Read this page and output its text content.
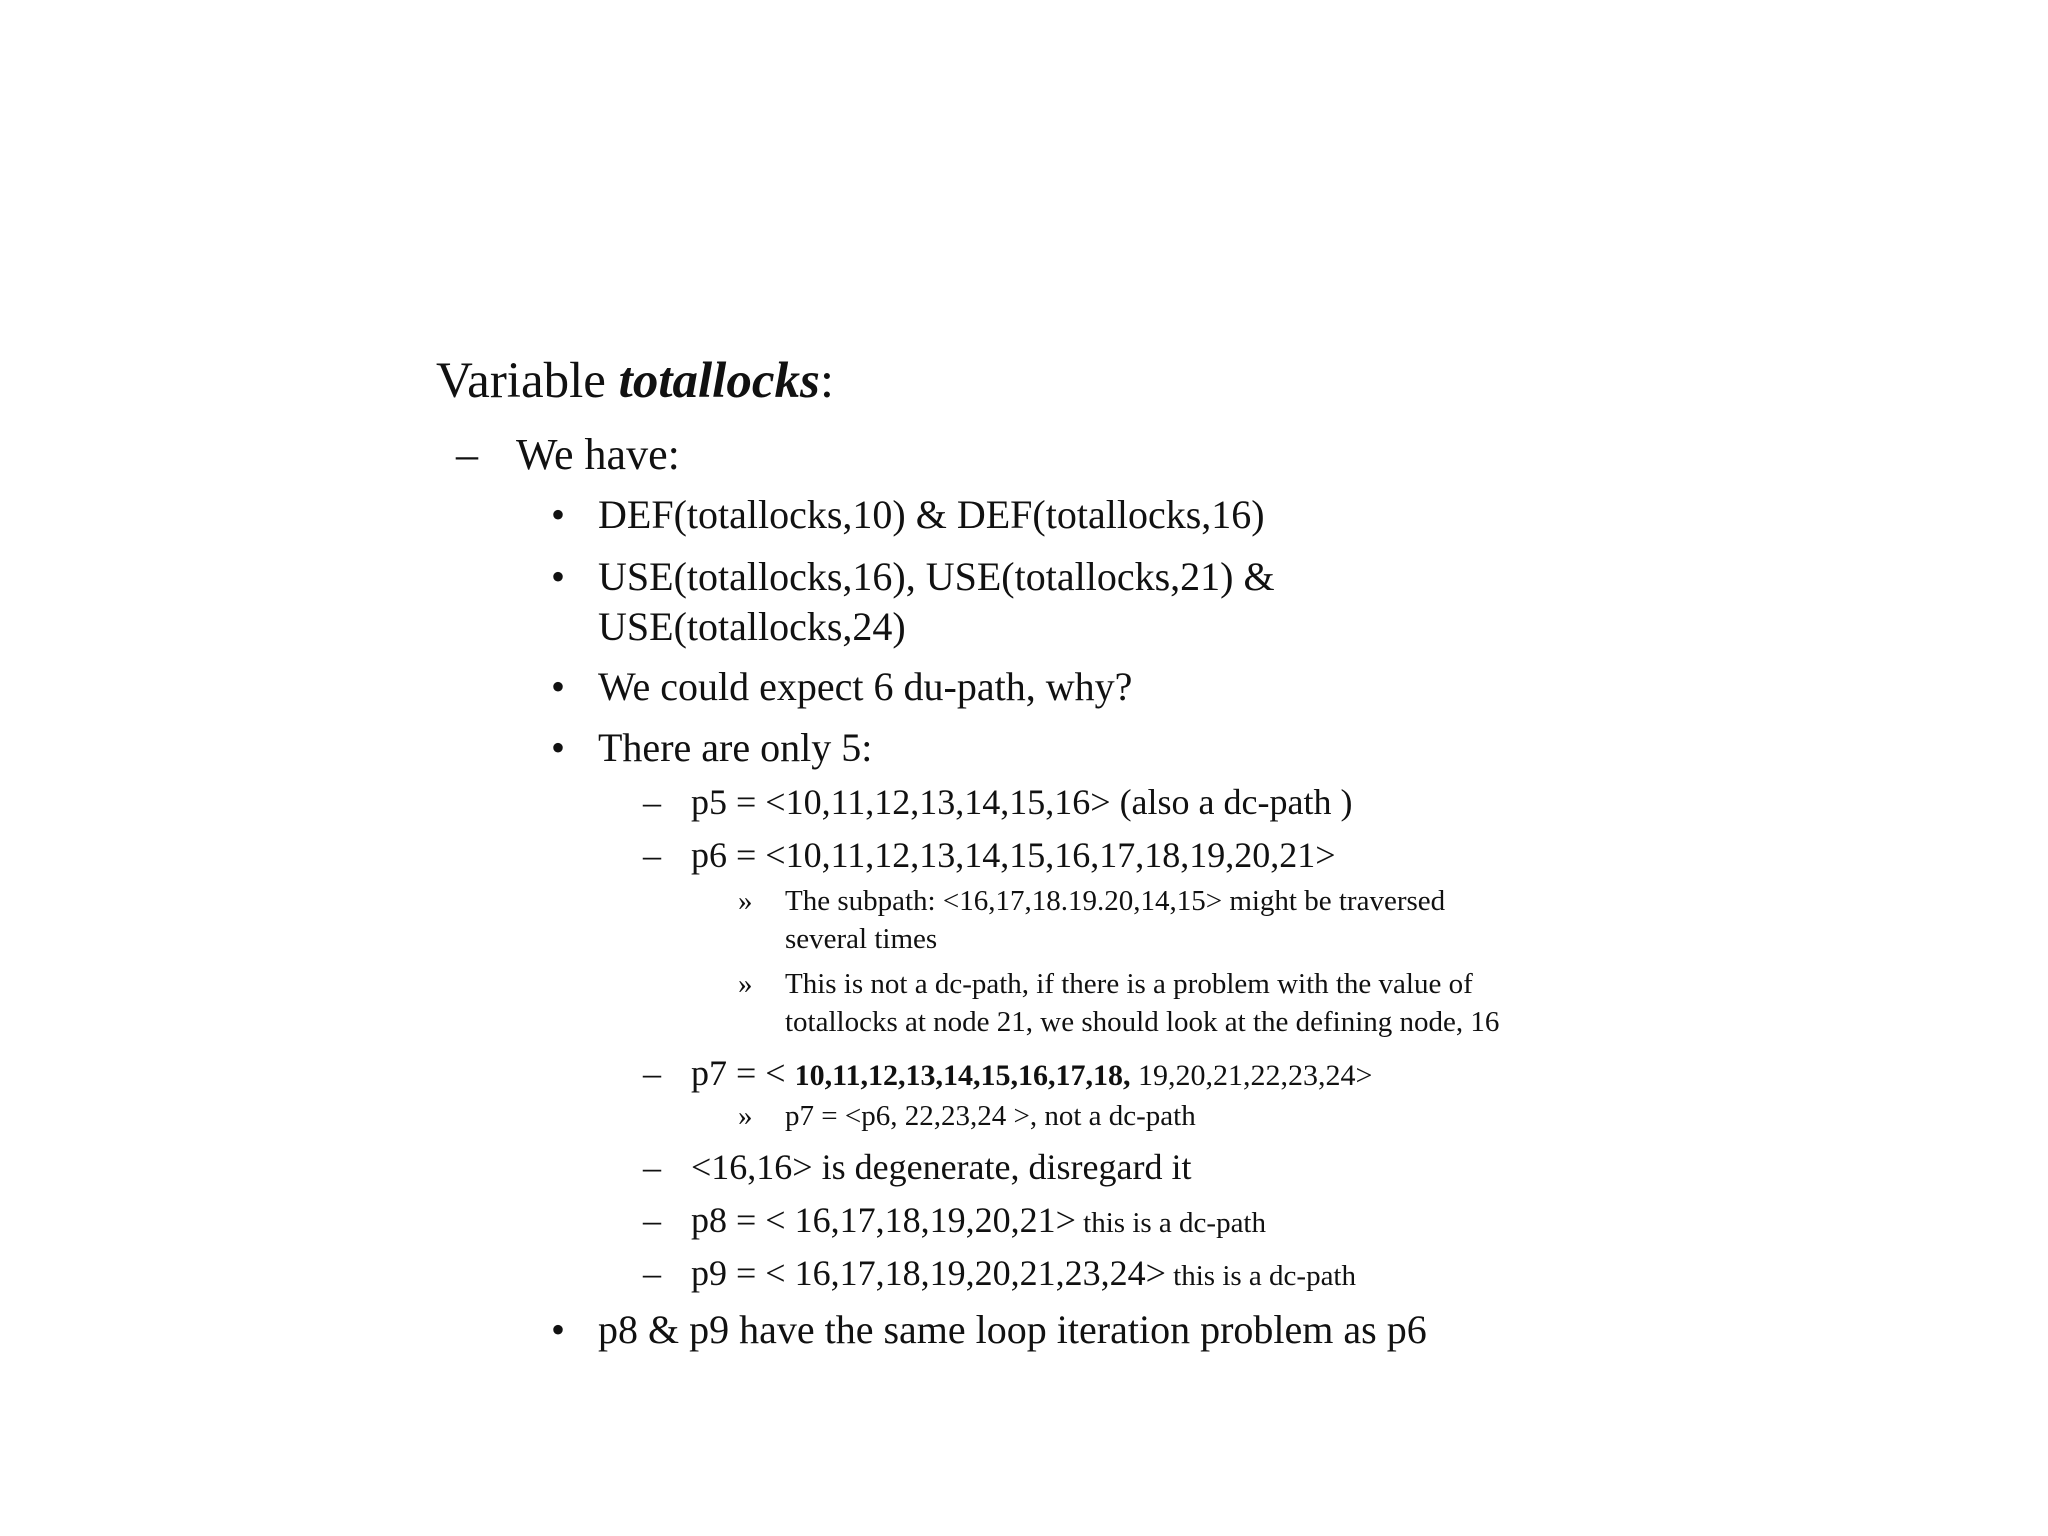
Variable totallocks:
– We have:
• DEF(totallocks,10) & DEF(totallocks,16)
• USE(totallocks,16), USE(totallocks,21) &
USE(totallocks,24)
• We could expect 6 du-path, why?
• There are only 5:
– p5 = <10,11,12,13,14,15,16> (also a dc-path )
– p6 = <10,11,12,13,14,15,16,17,18,19,20,21>
» The subpath: <16,17,18.19.20,14,15> might be traversed
several times
» This is not a dc-path, if there is a problem with the value of
totallocks at node 21, we should look at the defining node, 16
– p7 = < 10,11,12,13,14,15,16,17,18, 19,20,21,22,23,24>
» p7 = <p6, 22,23,24 >, not a dc-path
– <16,16> is degenerate, disregard it
– p8 = < 16,17,18,19,20,21> this is a dc-path
– p9 = < 16,17,18,19,20,21,23,24> this is a dc-path
• p8 & p9 have the same loop iteration problem as p6
